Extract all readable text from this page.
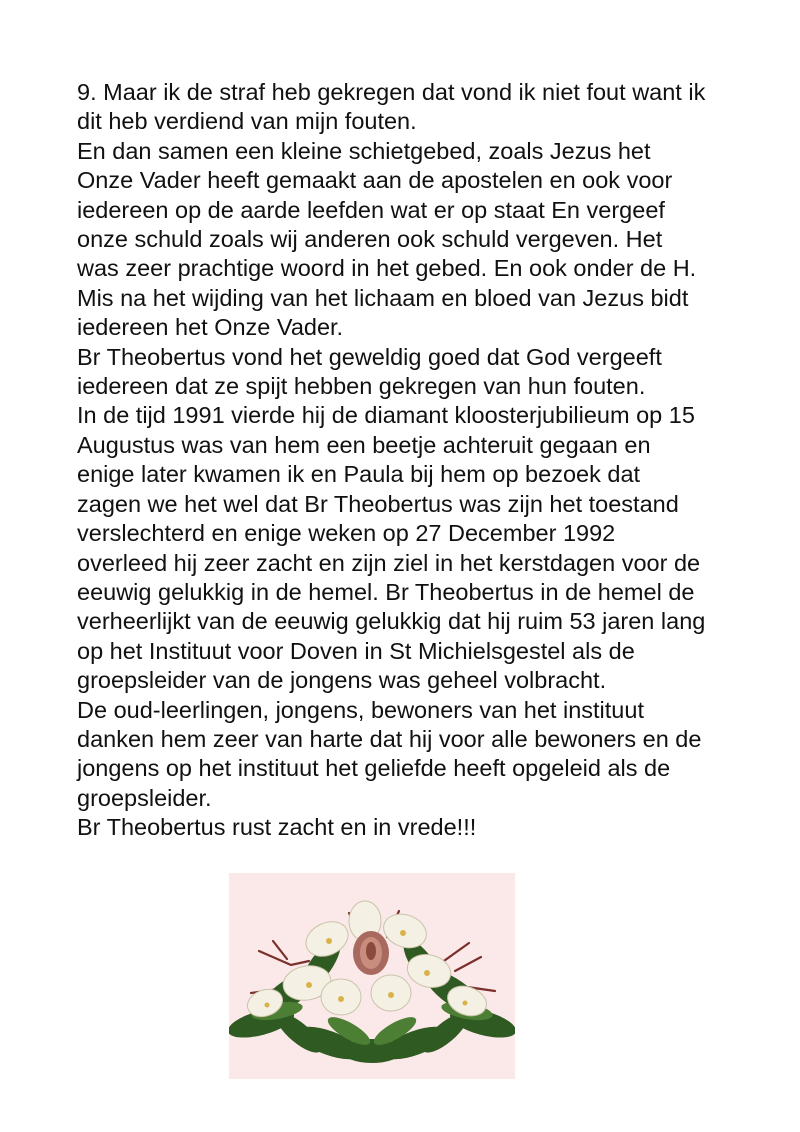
9. Maar ik de straf heb gekregen dat vond ik niet fout want ik

dit heb verdiend van mijn fouten.

En dan samen een kleine schietgebed, zoals Jezus het

Onze Vader heeft gemaakt aan de apostelen en ook voor

iedereen op de aarde leefden wat er op staat En vergeef

onze schuld zoals wij anderen ook schuld vergeven. Het

was zeer prachtige woord in het gebed. En ook onder de H.

Mis na het wijding van het lichaam en bloed van Jezus bidt

iedereen het Onze Vader.

Br Theobertus vond het geweldig goed dat God vergeeft

iedereen dat ze spijt hebben gekregen van hun fouten.

In de tijd 1991 vierde hij de diamant kloosterjubilieum op 15

Augustus was van hem een beetje achteruit gegaan en

enige later kwamen ik en Paula bij hem op bezoek dat

zagen we het wel dat Br Theobertus was zijn het toestand

verslechterd en enige weken op 27 December 1992

overleed hij zeer zacht en zijn ziel in het kerstdagen voor de

eeuwig gelukkig in de hemel. Br Theobertus in de hemel de

verheerlijkt van de eeuwig gelukkig dat hij ruim 53 jaren lang

op het Instituut voor Doven in St Michielsgestel als de

groepsleider van de jongens was geheel volbracht.

De oud-leerlingen, jongens, bewoners van het instituut

danken hem zeer van harte dat hij voor alle bewoners en de

jongens op het instituut het geliefde heeft opgeleid als de

groepsleider.

Br Theobertus rust zacht en in vrede!!!
